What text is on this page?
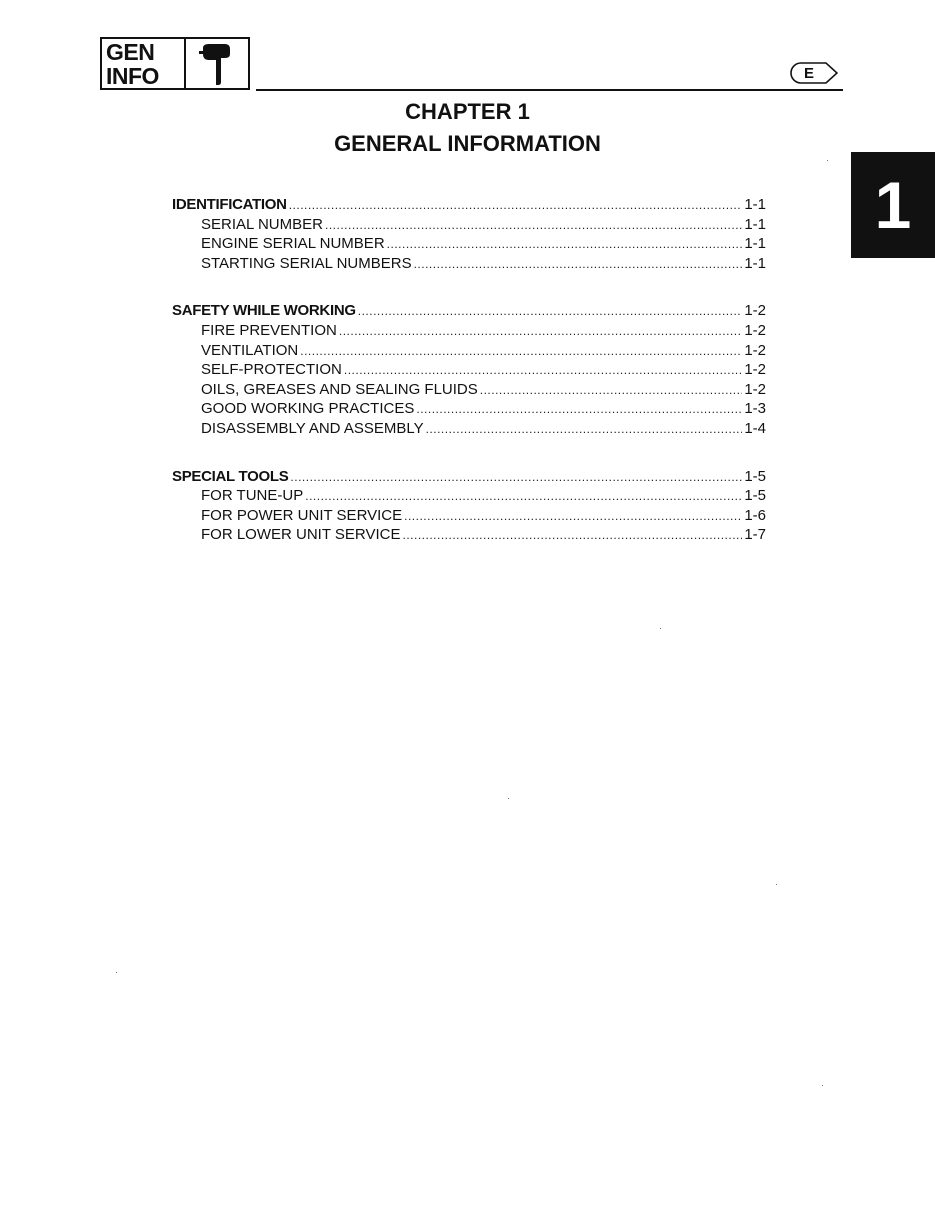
GEN
INFO	E
1
CHAPTER 1
GENERAL INFORMATION
IDENTIFICATION .....	1-1
SERIAL NUMBER .....	1-1
ENGINE SERIAL NUMBER .....	1-1
STARTING SERIAL NUMBERS .....	1-1
SAFETY WHILE WORKING .....	1-2
FIRE PREVENTION .....	1-2
VENTILATION .....	1-2
SELF-PROTECTION .....	1-2
OILS, GREASES AND SEALING FLUIDS .....	1-2
GOOD WORKING PRACTICES .....	1-3
DISASSEMBLY AND ASSEMBLY .....	1-4
SPECIAL TOOLS .....	1-5
FOR TUNE-UP .....	1-5
FOR POWER UNIT SERVICE .....	1-6
FOR LOWER UNIT SERVICE .....	1-7
